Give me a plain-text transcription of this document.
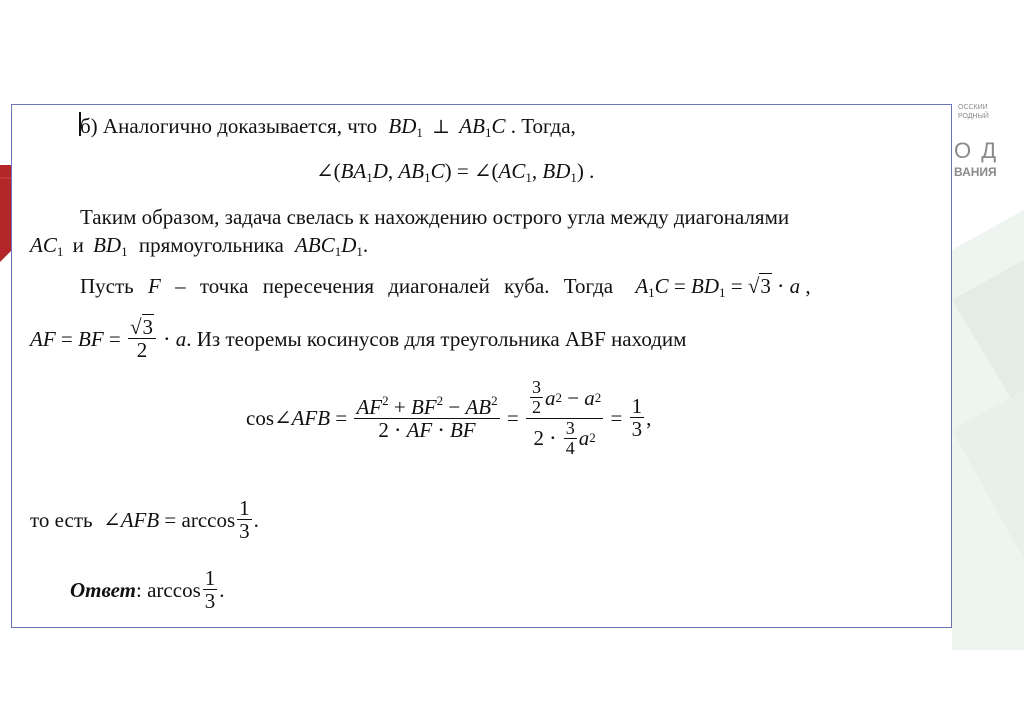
ОССКИИ
РОДНЫЙ
О Д
ВАНИЯ
б) Аналогично доказывается, что $BD_1$ ⊥ $AB_1C$ . Тогда,
$\angle(BA_1D$, $AB_1C$) = $\angle(AC_1$, $BD_1$) .
Таким образом, задача свелась к нахождению острого угла между диагоналями
$AC_1$ и $BD_1$ прямоугольника $ABC_1D_1$.
Пусть F – точка пересечения диагоналей куба. Тогда $A_1C = BD_1 = √3 \cdot a$ ,
AF = BF = $\frac{√3}{2} \cdot a$ . Из теоремы косинусов для треугольника ABF находим
cos ∠ AFB = $\frac{AF^2 + BF^2 - AB^2}{2 \cdot AF \cdot BF} = \frac{\frac{3}{2} a 2 - a 2}{2 \cdot \frac{3}{4} a 2} = \frac{1}{3}$ ,
то есть ∠ AFB = $\arccos \frac{1}{3}$ .
Ответ : $\arccos \frac{1}{3}$ .
